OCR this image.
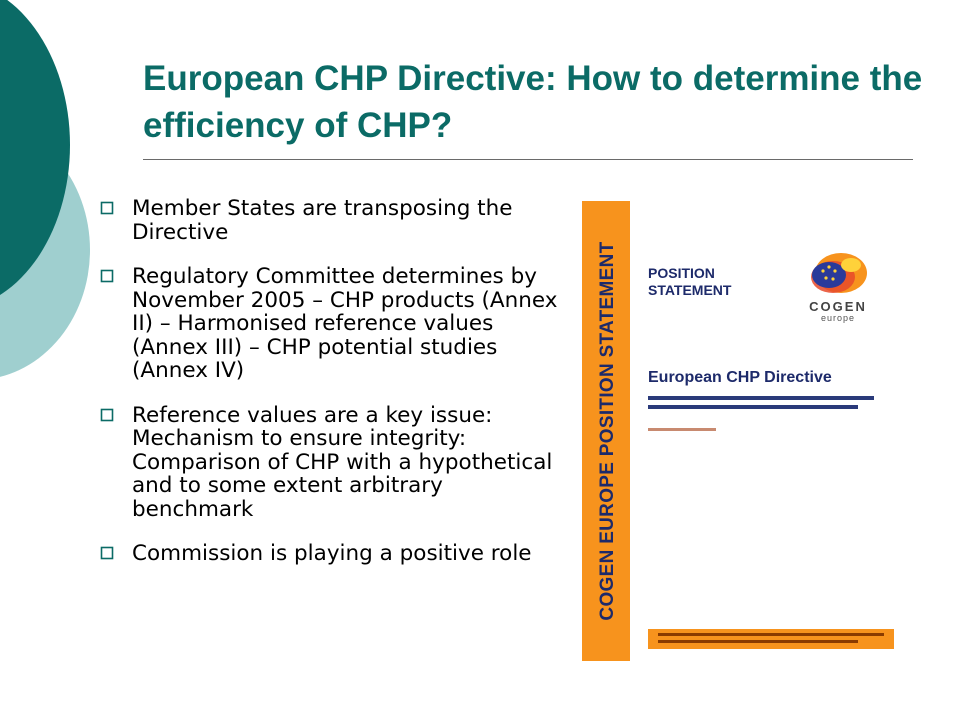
European CHP Directive: How to determine the efficiency of CHP?
Member States are transposing the Directive
Regulatory Committee determines by November 2005 – CHP products (Annex II) – Harmonised reference values (Annex III) – CHP potential studies (Annex IV)
Reference values are a key issue: Mechanism to ensure integrity: Comparison of CHP with a hypothetical and to some extent arbitrary benchmark
Commission is playing a positive role	COGEN EUROPE POSITION STATEMENT POSITION STATEMENT
COGEN
europe
European CHP Directive
